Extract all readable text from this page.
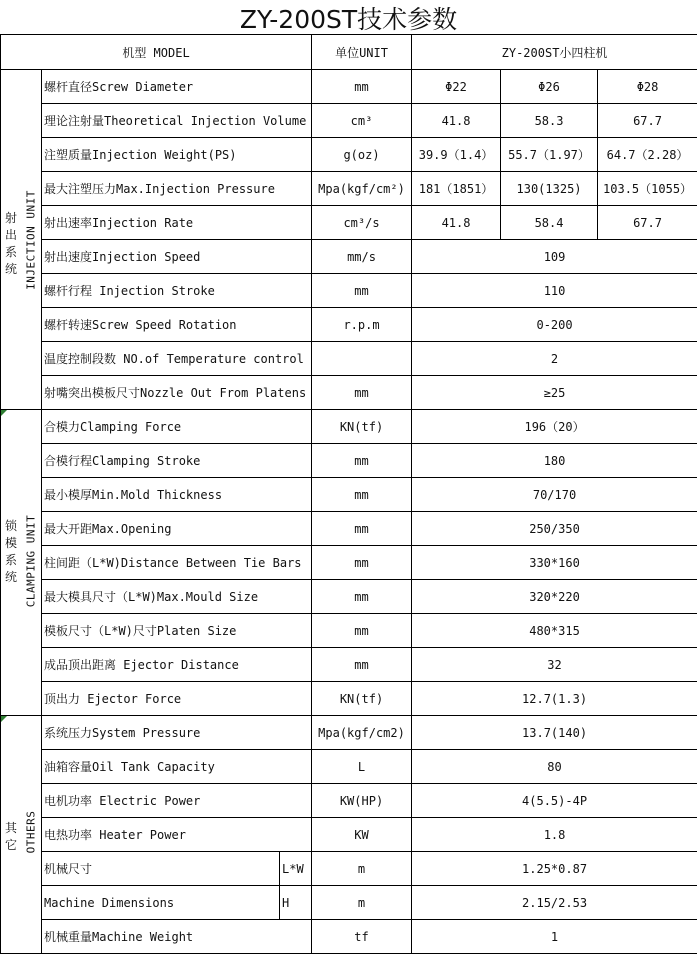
ZY-200ST技术参数
机型 MODEL			单位UNIT	ZY-200ST小四柱机		

射
出
系
统 INJECTION UNIT	螺杆直径Screw Diameter		mm	Φ22	Φ26	Φ28
	理论注射量Theoretical Injection Volume		cm³	41.8	58.3	67.7
	注塑质量Injection Weight(PS)		g(oz)	39.9（1.4）	55.7（1.97）	64.7（2.28）
	最大注塑压力Max.Injection Pressure		Mpa(kgf/cm²)	181（1851）	130(1325)	103.5（1055）
	射出速率Injection Rate		cm³/s	41.8	58.4	67.7
	射出速度Injection Speed		mm/s	109		
	螺杆行程 Injection Stroke		mm	110		
	螺杆转速Screw Speed Rotation		r.p.m	0-200		
	温度控制段数 NO.of Temperature control			2		
	射嘴突出模板尺寸Nozzle Out From Platens		mm	≥25		

锁
模
系
统 CLAMPING UNIT	合模力Clamping Force		KN(tf)	196（20）		
	合模行程Clamping Stroke		mm	180		
	最小模厚Min.Mold Thickness		mm	70/170		
	最大开距Max.Opening		mm	250/350		
	柱间距（L*W)Distance Between Tie Bars		mm	330*160		
	最大模具尺寸（L*W)Max.Mould Size		mm	320*220		
	模板尺寸（L*W)尺寸Platen Size		mm	480*315		
	成品顶出距离 Ejector Distance		mm	32		
	顶出力 Ejector Force		KN(tf)	12.7(1.3)		

其
它 OTHERS	系统压力System Pressure		Mpa(kgf/cm2)	13.7(140)		
	油箱容量Oil Tank Capacity		L	80		
	电机功率 Electric Power		KW(HP)	4(5.5)-4P		
	电热功率 Heater Power		KW	1.8		
	机械尺寸	L*W	m	1.25*0.87		
	Machine Dimensions	H	m	2.15/2.53		
	机械重量Machine Weight		tf	1		
